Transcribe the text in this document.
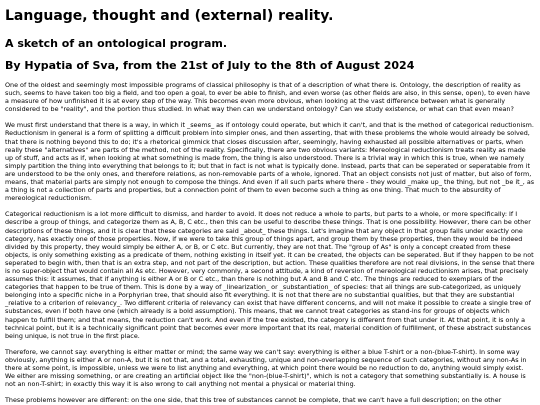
Language, thought and (external) reality.
A sketch of an ontological program.
By Hypatia of Sva, from the 21st of July to the 8th of August 2024

One of the oldest and seemingly most impossible programs of classical philosophy is that of a description of what there is. Ontology, the description of reality as such, seems to have taken too big a field, and too open a goal, to ever be able to finish, and even worse (as other fields are also, in this sense, open), to even have a measure of how unfinished it is at every step of the way. This becomes even more obvious, when looking at the vast difference between what is generally considered to be "reality", and the portion thus studied. In what way then can we understand ontology? Can we study existence, or what can that even mean?

We must first understand that there is a way, in which it _seems_ as if ontology could operate, but which it can't, and that is the method of categorical reductionism. Reductionism in general is a form of splitting a difficult problem into simpler ones, and then asserting, that with these problems the whole would already be solved, that there is nothing beyond this to do; it's a rhetorical gimmick that closes discussion after, seemingly, having exhausted all possible alternatives or parts, when really these "alternatives" are parts of the method, not of the reality. Specifically, there are two obvious variants: Mereological reductionism treats reality as made up of stuff, and acts as if, when looking at what something is made from, the thing is also understood. There is a trivial way in which this is true, when we namely simply partition the thing into everything that belongs to it; but that in fact is not what is typically done. Instead, parts that can be seperated or seperatable from it are understood to be the only ones, and therefore relations, as non-removable parts of a whole, ignored. That an object consists not just of matter, but also of form, means, that material parts are simply not enough to compose the things. And even if all such parts where there - they would _make up_ the thing, but not _be it_, as a thing is not a collection of parts and properties, but a connection point of them to even become such a thing as one thing. That much to the absurdity of mereological reductionism.

Categorical reductionism is a lot more difficult to dismiss, and harder to avoid. It does not reduce a whole to parts, but parts to a whole, or more specifically: If I describe a group of things, and categorize them as A, B, C etc., then this can be useful to describe these things. That is one possibility. However, there can be other descriptions of these things, and it is clear that these categories are said _about_ these things. Let's imagine that any object in that group falls under exactly one category, has exactly one of those properties. Now, if we were to take this group of things apart, and group them by these properties, then they would be indeed divided by this property, they would simply be either A, or B, or C etc. But currently, they are not that. The "group of As" is only a concept created from these objects, is only something existing as a predicate of them, nothing existing in itself yet. It can be created, the objects can be seperated. But if they happen to be not seperated to begin with, then that is an extra step, and not part of the description, but action. These qualities therefore are not real divisions, in the sense that there is no super-object that would contain all As etc. However, very commonly, a second attitude, a kind of reversion of mereological reductionism arises, that precisely assumes this: it assumes, that if anything is either A or B or C etc., than there is nothing but A and B and C etc. The things are reduced to exemplars of the categories that happen to be true of them. This is done by a way of _linearization_ or _substantiation_ of species: that all things are sub-categorized, as uniquely belonging into a specific niche in a Porphyrian tree, that should also fit everything. It is not that there are no substantial qualities, but that they are substantial _relative to a criterion of relevancy_. Two different criteria of relevancy can exist that have different concerns, and will not make it possible to create a single tree of substances, even if both have one (which already is a bold assumption). This means, that we cannot treat categories as stand-ins for groups of objects which happen to fulfill them; and that means, the reduction can't work. And even if the tree existed, the category is different from that under it. At that point, it is only a technical point, but it is a technically significant point that becomes ever more important that its real, material condition of fulfillment, of these abstract substances being unique, is not true in the first place.

Therefore, we cannot say: everything is either matter or mind; the same way we can't say: everything is either a blue T-shirt or a non-(blue-T-shirt). In some way obviously, anything is either A or non-A, but it is not that, and a total, exhausting, unique and non-overlapping sequence of such categories, without any non-As in there at some point, is impossible, unless we were to list anything and everything, at which point there would be no reduction to do, anything would simply exist. We either are missing something, or are creating an artificial object like the "non-(blue-T-shirt)", which is not a category that something substantially is. A house is not an non-T-shirt; in exactly this way it is also wrong to call anything not mental a physical or material thing.

These problems however are different: on the one side, that this tree of substances cannot be complete, that we can't have a full description; on the other
